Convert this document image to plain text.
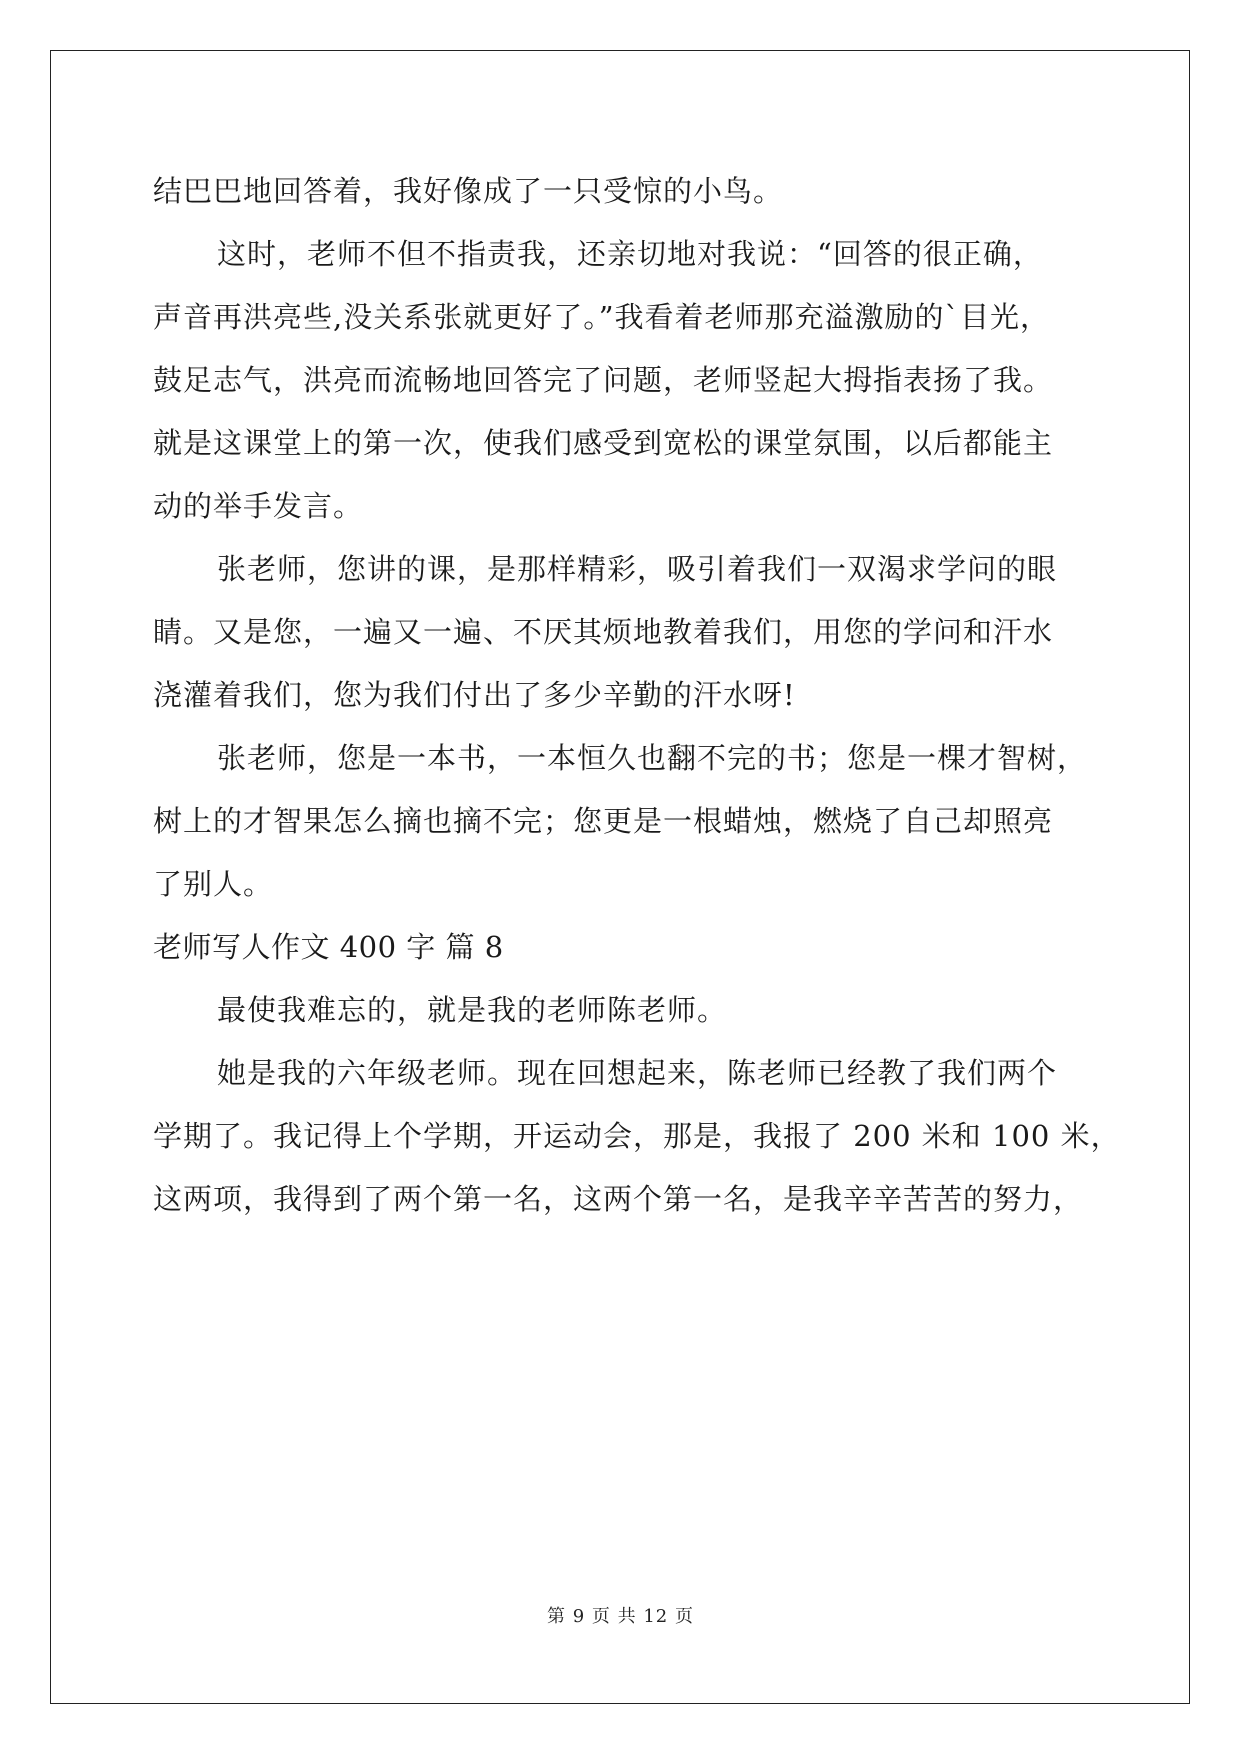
结巴巴地回答着，我好像成了一只受惊的小鸟。
这时，老师不但不指责我，还亲切地对我说：“回答的很正确，
声音再洪亮些,没关系张就更好了。”我看着老师那充溢激励的`目光，
鼓足志气，洪亮而流畅地回答完了问题，老师竖起大拇指表扬了我。
就是这课堂上的第一次，使我们感受到宽松的课堂氛围，以后都能主
动的举手发言。
张老师，您讲的课，是那样精彩，吸引着我们一双渴求学问的眼
睛。又是您，一遍又一遍、不厌其烦地教着我们，用您的学问和汗水
浇灌着我们，您为我们付出了多少辛勤的汗水呀!
张老师，您是一本书，一本恒久也翻不完的书；您是一棵才智树，
树上的才智果怎么摘也摘不完；您更是一根蜡烛，燃烧了自己却照亮
了别人。
老师写人作文 400 字 篇 8
最使我难忘的，就是我的老师陈老师。
她是我的六年级老师。现在回想起来，陈老师已经教了我们两个
学期了。我记得上个学期，开运动会，那是，我报了 200 米和 100 米，
这两项，我得到了两个第一名，这两个第一名，是我辛辛苦苦的努力，
第 9 页 共 12 页
